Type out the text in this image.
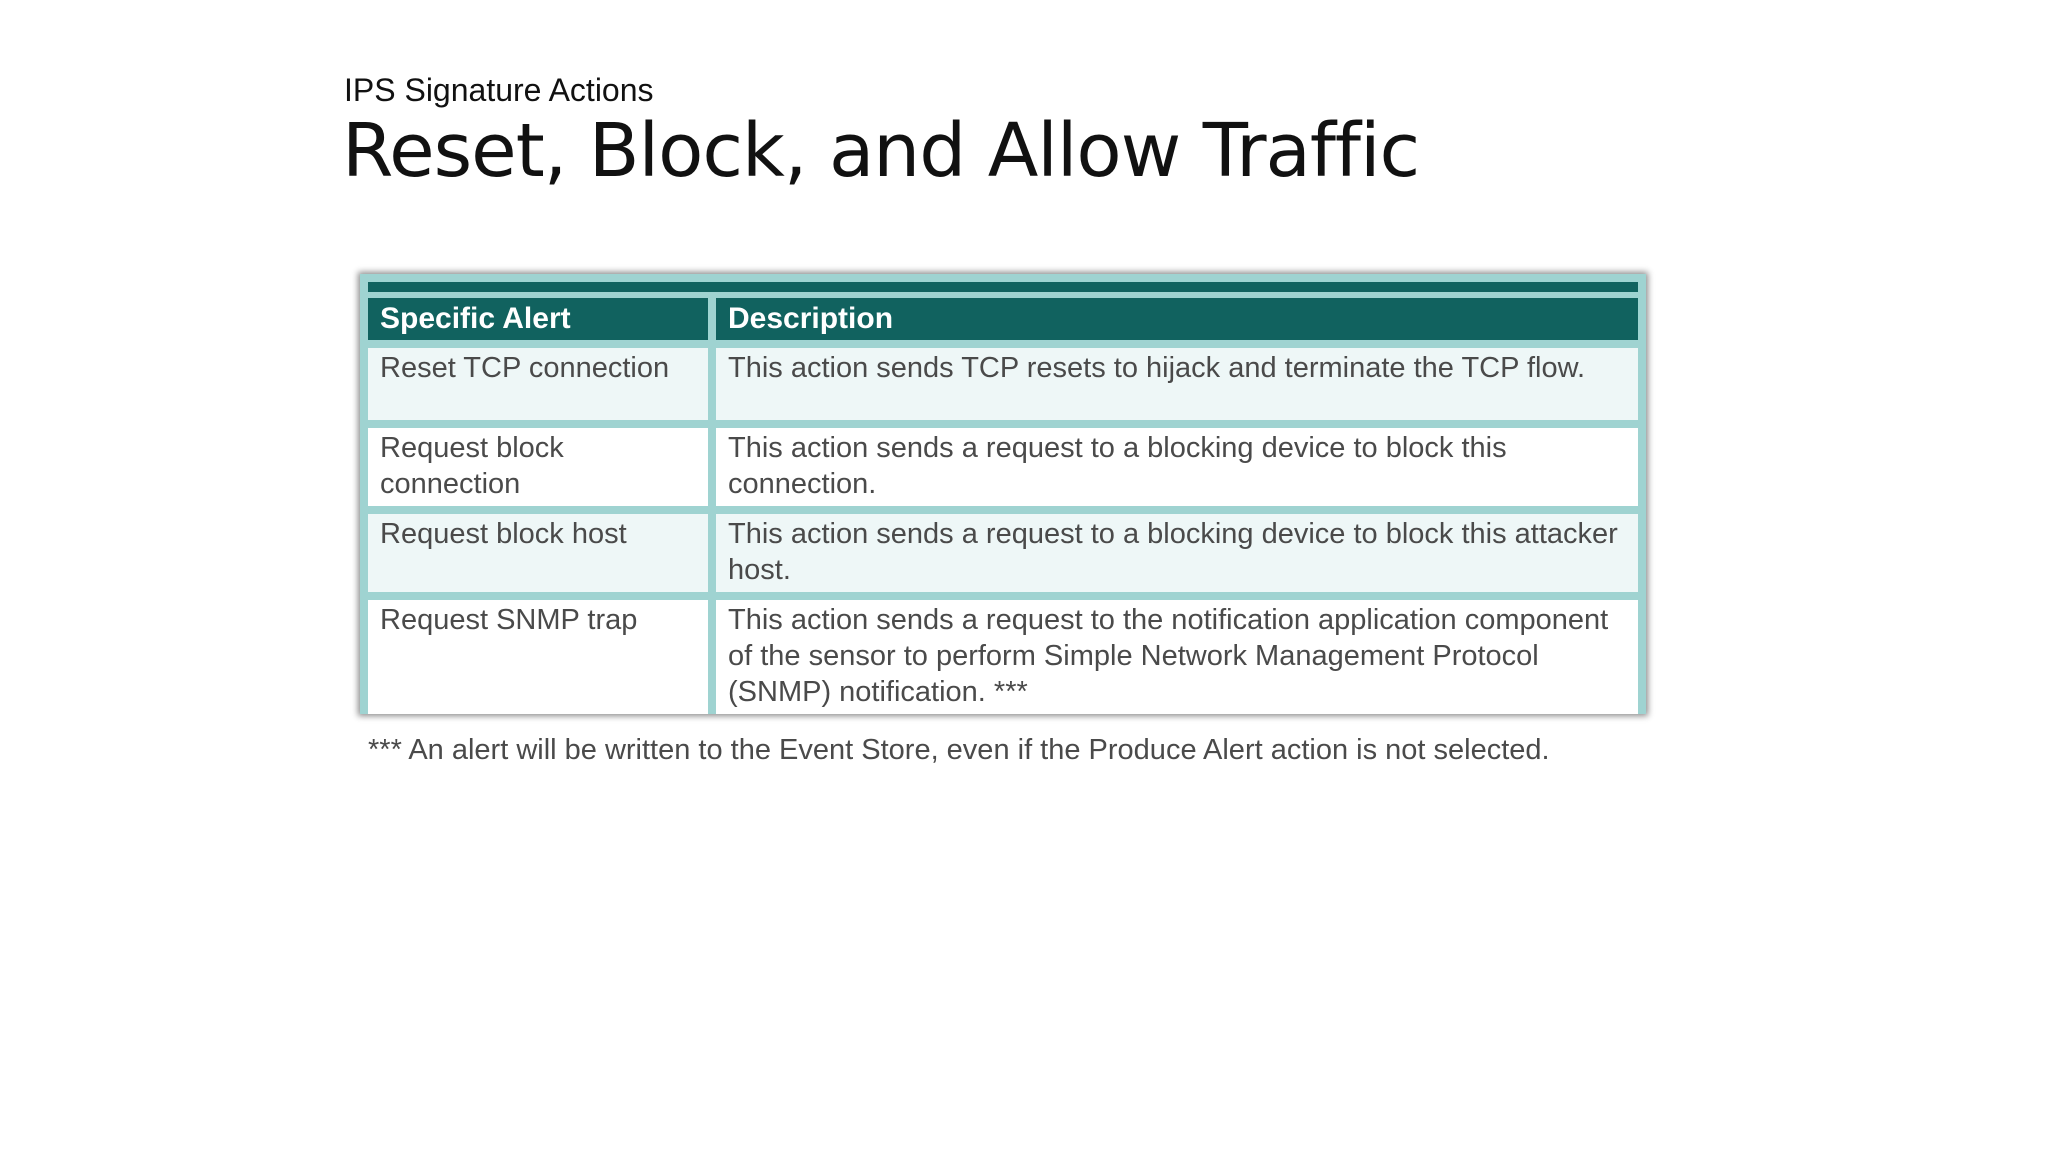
IPS Signature Actions
Reset, Block, and Allow Traffic
Specific Alert	Description
Reset TCP connection	This action sends TCP resets to hijack and terminate the TCP flow.
Request block connection	This action sends a request to a blocking device to block this connection.
Request block host	This action sends a request to a blocking device to block this attacker host.
Request SNMP trap	This action sends a request to the notification application component of the sensor to perform Simple Network Management Protocol (SNMP) notification. ***
*** An alert will be written to the Event Store, even if the Produce Alert action is not selected.
